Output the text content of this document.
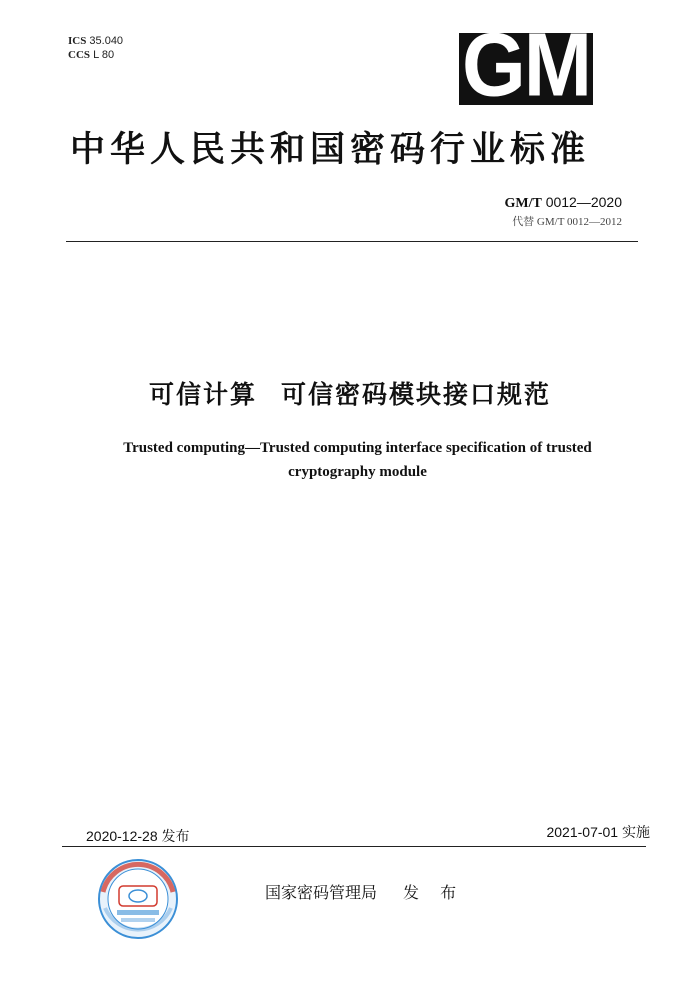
ICS 35.040
CCS L 80	GM
中华人民共和国密码行业标准
GM/T 0012—2020
代替 GM/T 0012—2012
可信计算 可信密码模块接口规范
Trusted computing—Trusted computing interface specification of trusted
cryptography module
2020-12-28 发布	2021-07-01 实施
国家密码管理局 发 布
